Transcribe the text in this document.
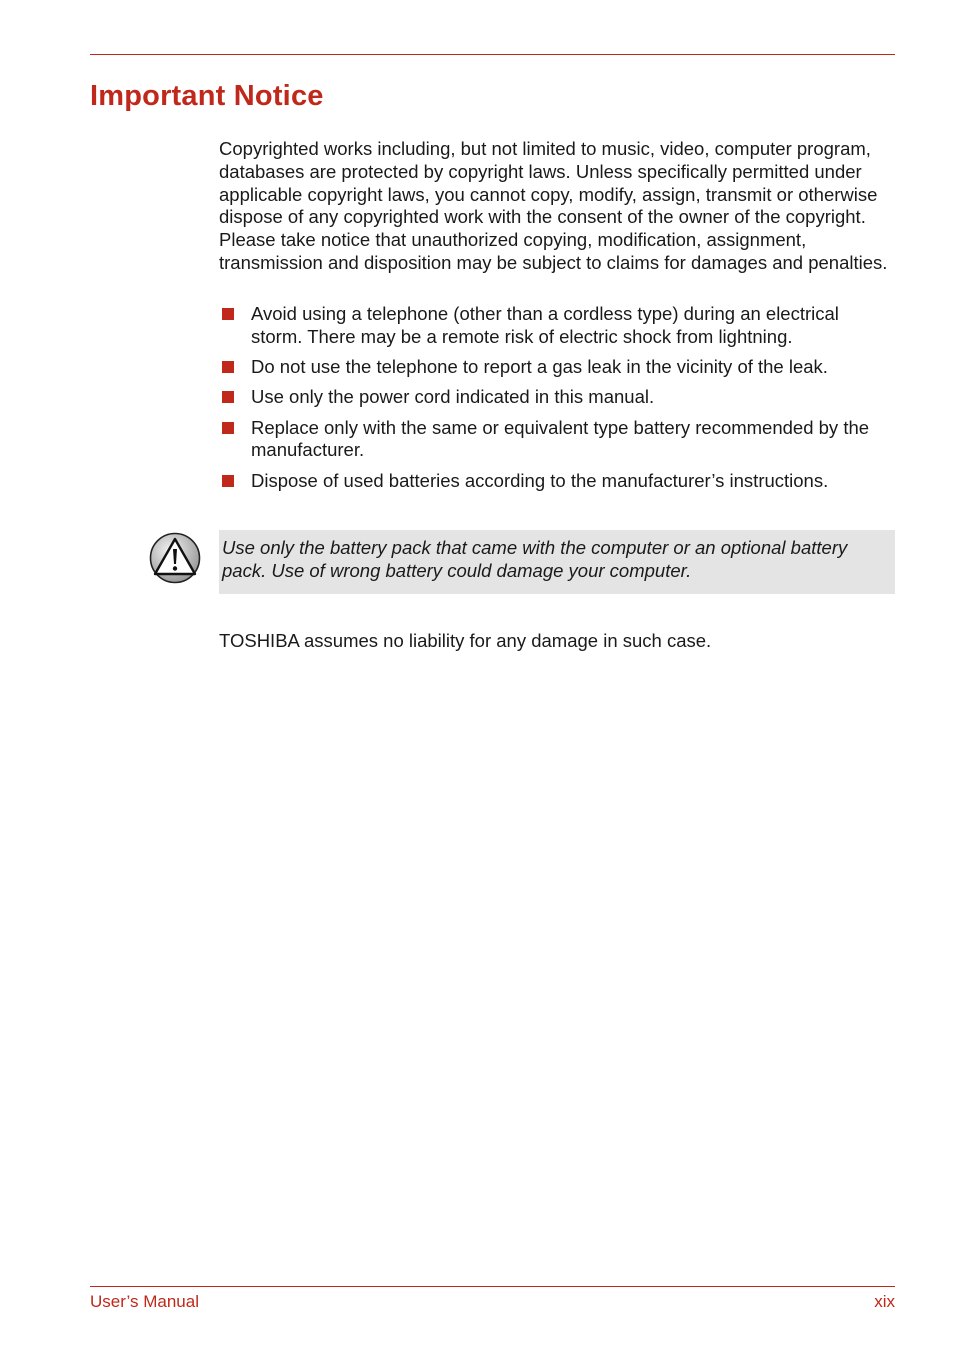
Important Notice

Copyrighted works including, but not limited to music, video, computer program, databases are protected by copyright laws. Unless specifically permitted under applicable copyright laws, you cannot copy, modify, assign, transmit or otherwise dispose of any copyrighted work with the consent of the owner of the copyright. Please take notice that unauthorized copying, modification, assignment, transmission and disposition may be subject to claims for damages and penalties.

Avoid using a telephone (other than a cordless type) during an electrical storm. There may be a remote risk of electric shock from lightning.
Do not use the telephone to report a gas leak in the vicinity of the leak.
Use only the power cord indicated in this manual.
Replace only with the same or equivalent type battery recommended by the manufacturer.
Dispose of used batteries according to the manufacturer’s instructions.

Use only the battery pack that came with the computer or an optional battery pack. Use of wrong battery could damage your computer.

TOSHIBA assumes no liability for any damage in such case.

User’s Manual	xix
